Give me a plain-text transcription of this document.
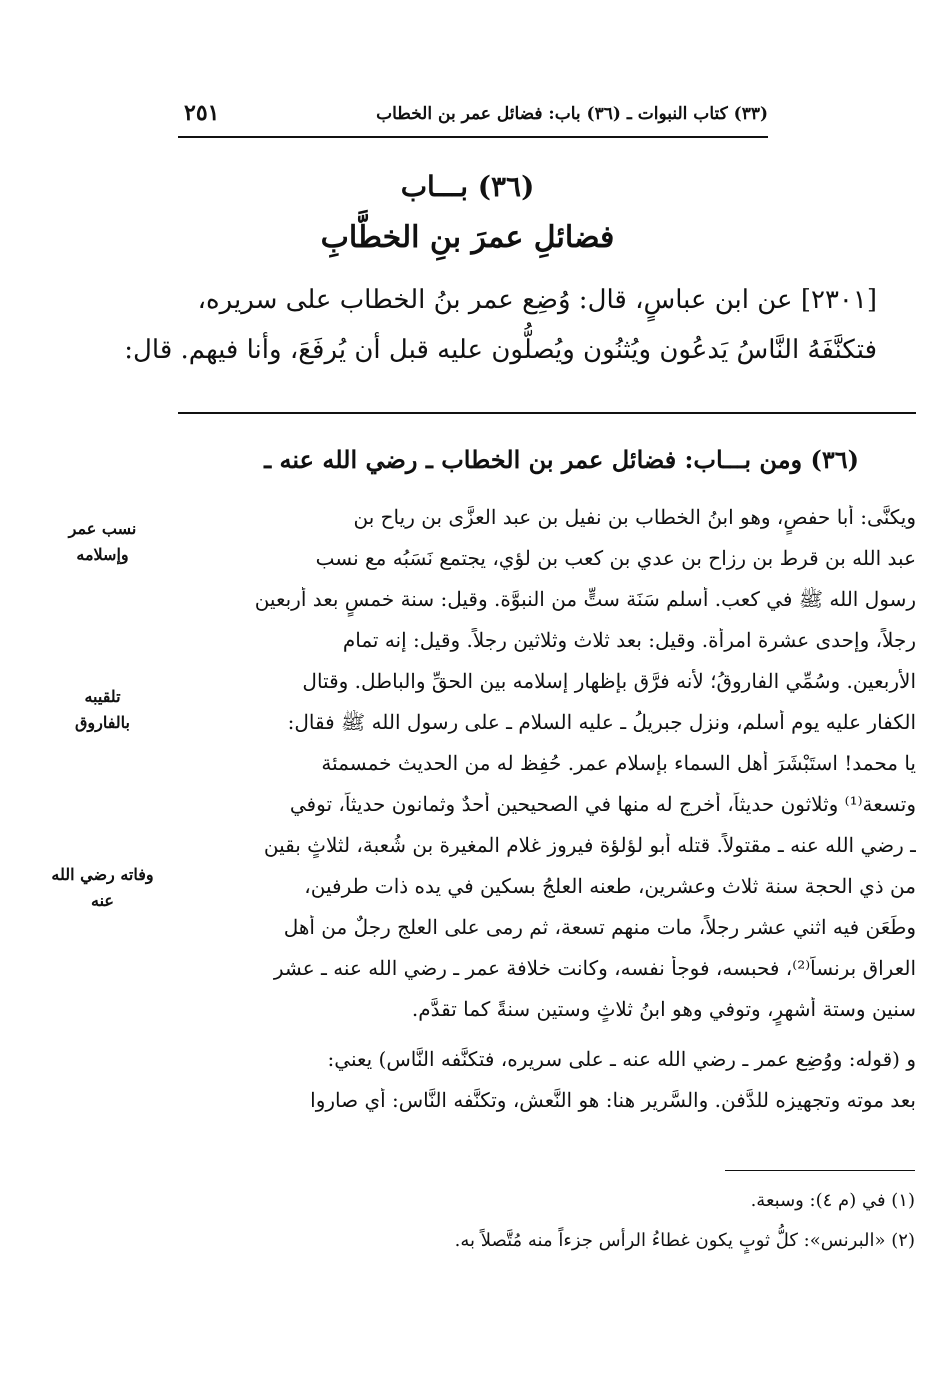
(٣٣) كتاب النبوات ـ (٣٦) باب: فضائل عمر بن الخطاب
٢٥١
(٣٦) بـــاب
فضائلِ عمرَ بنِ الخطَّابِ
[٢٣٠١] عن ابن عباسٍ، قال: وُضِع عمر بنُ الخطاب على سريره،
فتكنَّفَهُ النَّاسُ يَدعُون ويُثنُون ويُصلُّون عليه قبل أن يُرفَعَ، وأنا فيهم. قال:
(٣٦) ومن بـــاب: فضائل عمر بن الخطاب ـ رضي الله عنه ـ
ويكنَّى: أبا حفصٍ، وهو ابنُ الخطاب بن نفيل بن عبد العزَّى بن رياح بن
عبد الله بن قرط بن رزاح بن عدي بن كعب بن لؤي، يجتمع نَسَبُه مع نسب
رسول الله ﷺ في كعب. أسلم سَنَة ستٍّ من النبوَّة. وقيل: سنة خمسٍ بعد أربعين
رجلاً، وإحدى عشرة امرأة. وقيل: بعد ثلاث وثلاثين رجلاً. وقيل: إنه تمام
الأربعين. وسُمِّي الفاروقُ؛ لأنه فرَّق بإظهار إسلامه بين الحقِّ والباطل. وقتال
الكفار عليه يوم أسلم، ونزل جبريلُ ـ عليه السلام ـ على رسول الله ﷺ فقال:
يا محمد! استَبْشَرَ أهل السماء بإسلام عمر. حُفِظ له من الحديث خمسمئة
وتسعة⁽¹⁾ وثلاثون حديثاً، أخرج له منها في الصحيحين أحدٌ وثمانون حديثاً، توفي
ـ رضي الله عنه ـ مقتولاً. قتله أبو لؤلؤة فيروز غلام المغيرة بن شُعبة، لثلاثٍ بقين
من ذي الحجة سنة ثلاث وعشرين، طعنه العلجُ بسكين في يده ذات طرفين،
وطَعَن فيه اثني عشر رجلاً، مات منهم تسعة، ثم رمى على العلج رجلٌ من أهل
العراق برنساً⁽²⁾، فحبسه، فوجأ نفسه، وكانت خلافة عمر ـ رضي الله عنه ـ عشر
سنين وستة أشهرٍ، وتوفي وهو ابنُ ثلاثٍ وستين سنةً كما تقدَّم.
و (قوله: ووُضِع عمر ـ رضي الله عنه ـ على سريره، فتكنَّفه النَّاس) يعني:
بعد موته وتجهيزه للدَّفن. والسَّرير هنا: هو النَّعش، وتكنَّفه النَّاس: أي صاروا
نسب عمر
وإسلامه
تلقيبه
بالفاروق
وفاته رضي الله
عنه
(١) في (م ٤): وسبعة.
(٢) «البرنس»: كلُّ ثوبٍ يكون غطاءُ الرأس جزءاً منه مُتَّصلاً به.
